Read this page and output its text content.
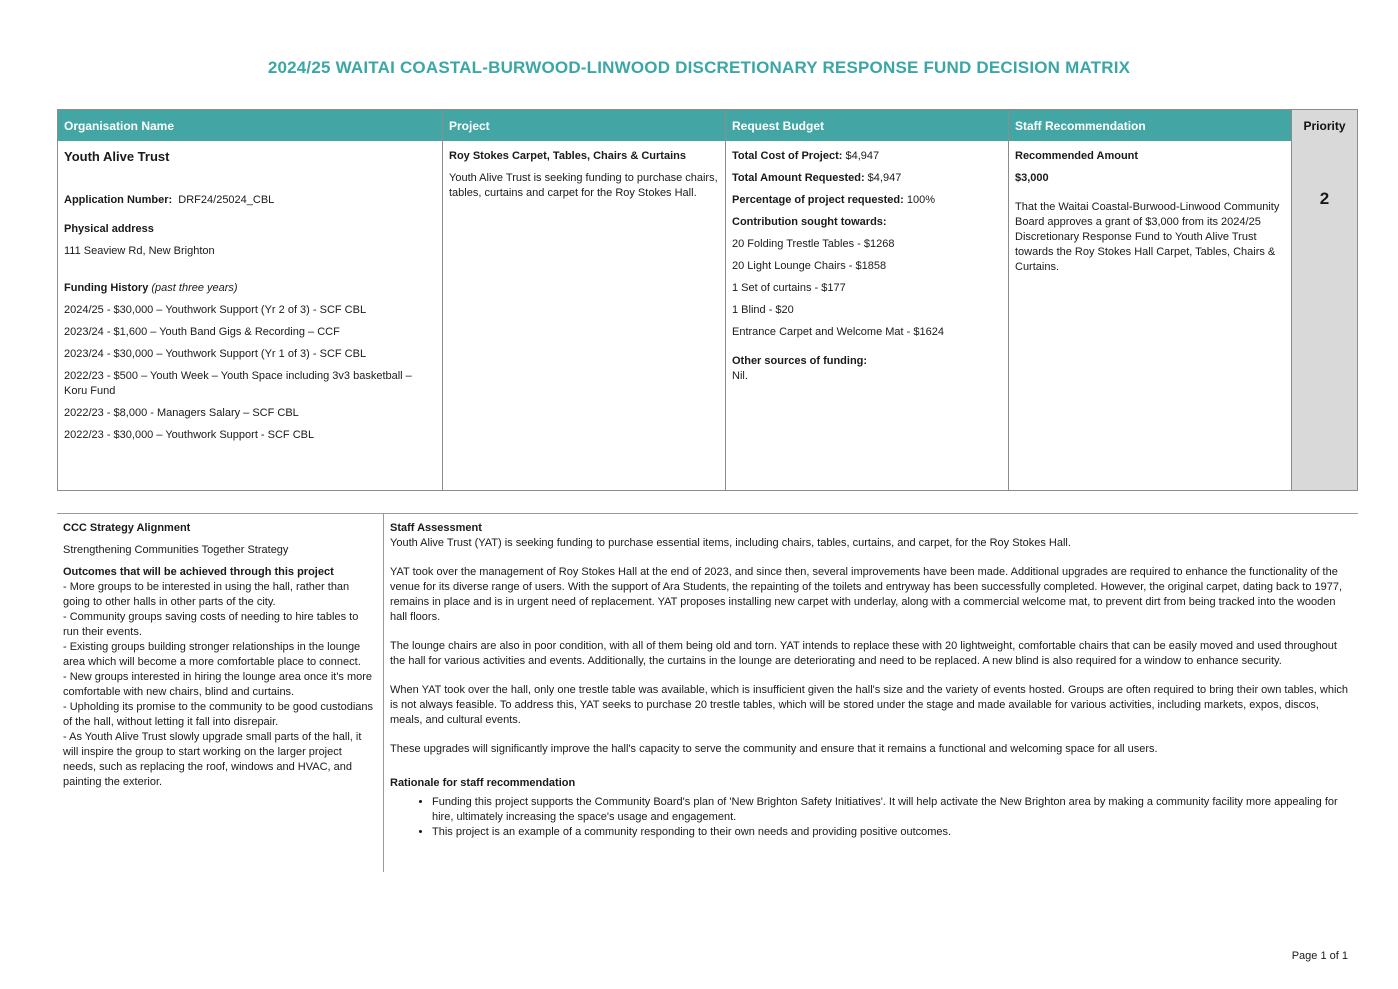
2024/25 WAITAI COASTAL-BURWOOD-LINWOOD DISCRETIONARY RESPONSE FUND DECISION MATRIX
Organisation Name

Youth Alive Trust

Application Number: DRF24/25024_CBL

Physical address

111 Seaview Rd, New Brighton

Funding History (past three years)

2024/25 - $30,000 – Youthwork Support (Yr 2 of 3) - SCF CBL

2023/24 - $1,600 – Youth Band Gigs & Recording – CCF

2023/24 - $30,000 – Youthwork Support (Yr 1 of 3) - SCF CBL

2022/23 - $500 – Youth Week – Youth Space including 3v3 basketball – Koru Fund

2022/23 - $8,000 - Managers Salary – SCF CBL

2022/23 - $30,000 – Youthwork Support - SCF CBL

Project

Roy Stokes Carpet, Tables, Chairs & Curtains

Youth Alive Trust is seeking funding to purchase chairs, tables, curtains and carpet for the Roy Stokes Hall.

Request Budget

Total Cost of Project: $4,947

Total Amount Requested: $4,947

Percentage of project requested: 100%

Contribution sought towards:

20 Folding Trestle Tables - $1268

20 Light Lounge Chairs - $1858

1 Set of curtains - $177

1 Blind - $20

Entrance Carpet and Welcome Mat - $1624

Other sources of funding:

Nil.

Staff Recommendation

Recommended Amount

$3,000

That the Waitai Coastal-Burwood-Linwood Community Board approves a grant of $3,000 from its 2024/25 Discretionary Response Fund to Youth Alive Trust towards the Roy Stokes Hall Carpet, Tables, Chairs & Curtains.

Priority
2

CCC Strategy Alignment

Strengthening Communities Together Strategy

Outcomes that will be achieved through this project

- More groups to be interested in using the hall, rather than going to other halls in other parts of the city.

- Community groups saving costs of needing to hire tables to run their events.

- Existing groups building stronger relationships in the lounge area which will become a more comfortable place to connect.

- New groups interested in hiring the lounge area once it's more comfortable with new chairs, blind and curtains.

- Upholding its promise to the community to be good custodians of the hall, without letting it fall into disrepair.

- As Youth Alive Trust slowly upgrade small parts of the hall, it will inspire the group to start working on the larger project needs, such as replacing the roof, windows and HVAC, and painting the exterior.

Staff Assessment

Youth Alive Trust (YAT) is seeking funding to purchase essential items, including chairs, tables, curtains, and carpet, for the Roy Stokes Hall.

YAT took over the management of Roy Stokes Hall at the end of 2023, and since then, several improvements have been made. Additional upgrades are required to enhance the functionality of the venue for its diverse range of users. With the support of Ara Students, the repainting of the toilets and entryway has been successfully completed. However, the original carpet, dating back to 1977, remains in place and is in urgent need of replacement. YAT proposes installing new carpet with underlay, along with a commercial welcome mat, to prevent dirt from being tracked into the wooden hall floors.

The lounge chairs are also in poor condition, with all of them being old and torn. YAT intends to replace these with 20 lightweight, comfortable chairs that can be easily moved and used throughout the hall for various activities and events. Additionally, the curtains in the lounge are deteriorating and need to be replaced. A new blind is also required for a window to enhance security.

When YAT took over the hall, only one trestle table was available, which is insufficient given the hall's size and the variety of events hosted. Groups are often required to bring their own tables, which is not always feasible. To address this, YAT seeks to purchase 20 trestle tables, which will be stored under the stage and made available for various activities, including markets, expos, discos, meals, and cultural events.

These upgrades will significantly improve the hall's capacity to serve the community and ensure that it remains a functional and welcoming space for all users.

Rationale for staff recommendation

• Funding this project supports the Community Board's plan of 'New Brighton Safety Initiatives'. It will help activate the New Brighton area by making a community facility more appealing for hire, ultimately increasing the space's usage and engagement.
• This project is an example of a community responding to their own needs and providing positive outcomes.
Page 1 of 1
